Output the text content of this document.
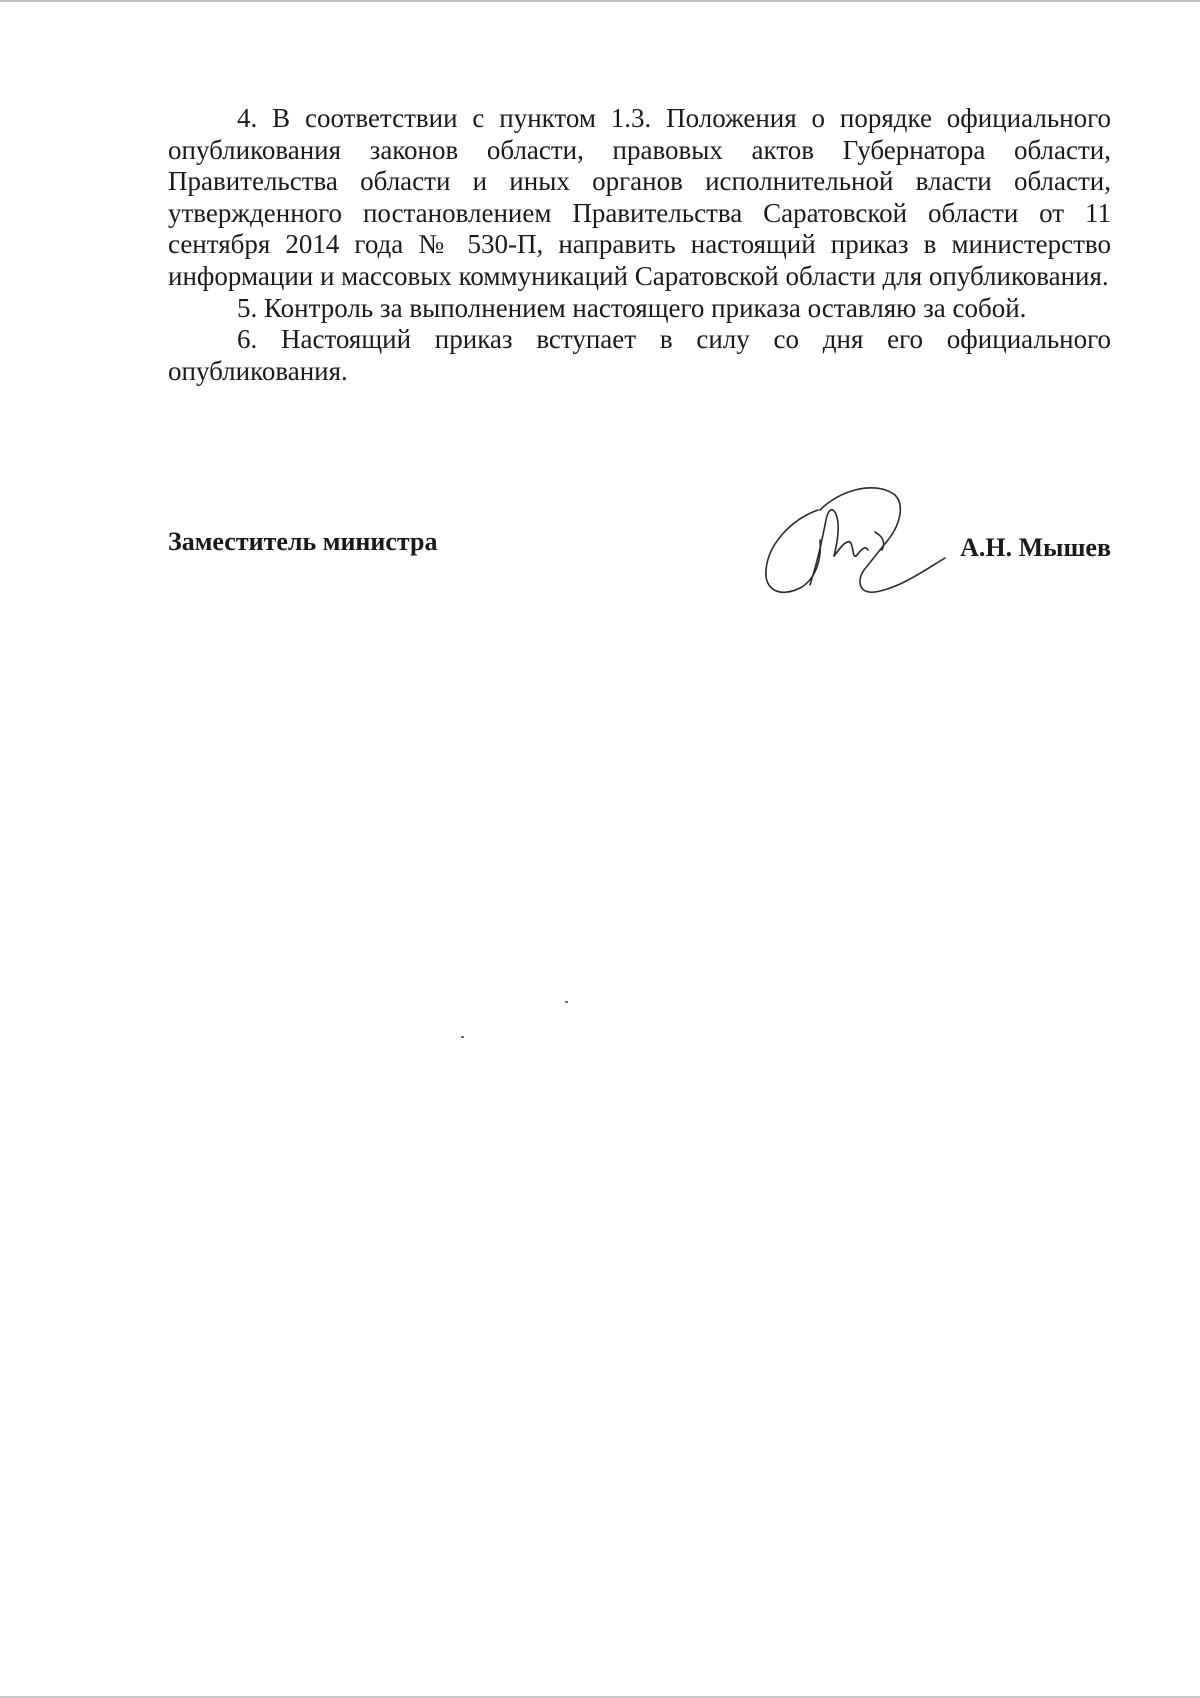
4. В соответствии с пунктом 1.3. Положения о порядке официального опубликования законов области, правовых актов Губернатора области, Правительства области и иных органов исполнительной власти области, утвержденного постановлением Правительства Саратовской области от 11 сентября 2014 года № 530-П, направить настоящий приказ в министерство информации и массовых коммуникаций Саратовской области для опубликования.

5. Контроль за выполнением настоящего приказа оставляю за собой.

6. Настоящий приказ вступает в силу со дня его официального опубликования.

Заместитель министра	А.Н. Мышев
